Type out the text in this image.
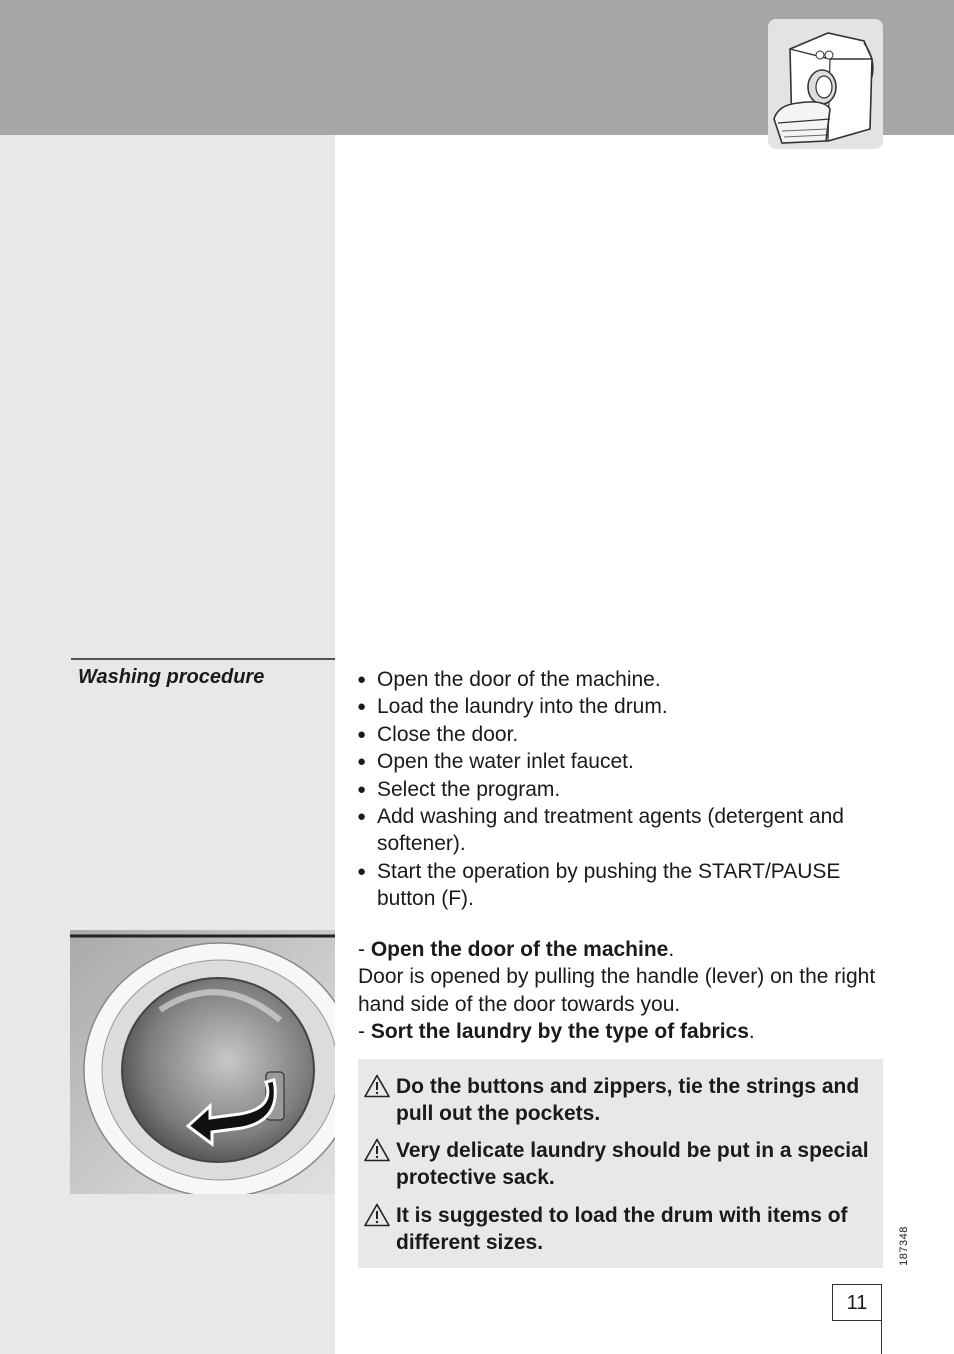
Washing procedure
●	Open the door of the machine.
● Load the laundry into the drum.
● Close the door.
● Open the water inlet faucet.
● Select the program.
● Add washing and treatment agents (detergent and softener).
● Start the operation by pushing the START/PAUSE button (F).

- Open the door of the machine.

Door is opened by pulling the handle (lever) on the right hand side of the door towards you.

- Sort the laundry by the type of fabrics.

Do the buttons and zippers, tie the strings and pull out the pockets.
Very delicate laundry should be put in a special protective sack.
It is suggested to load the drum with items of different sizes.	187348
11
